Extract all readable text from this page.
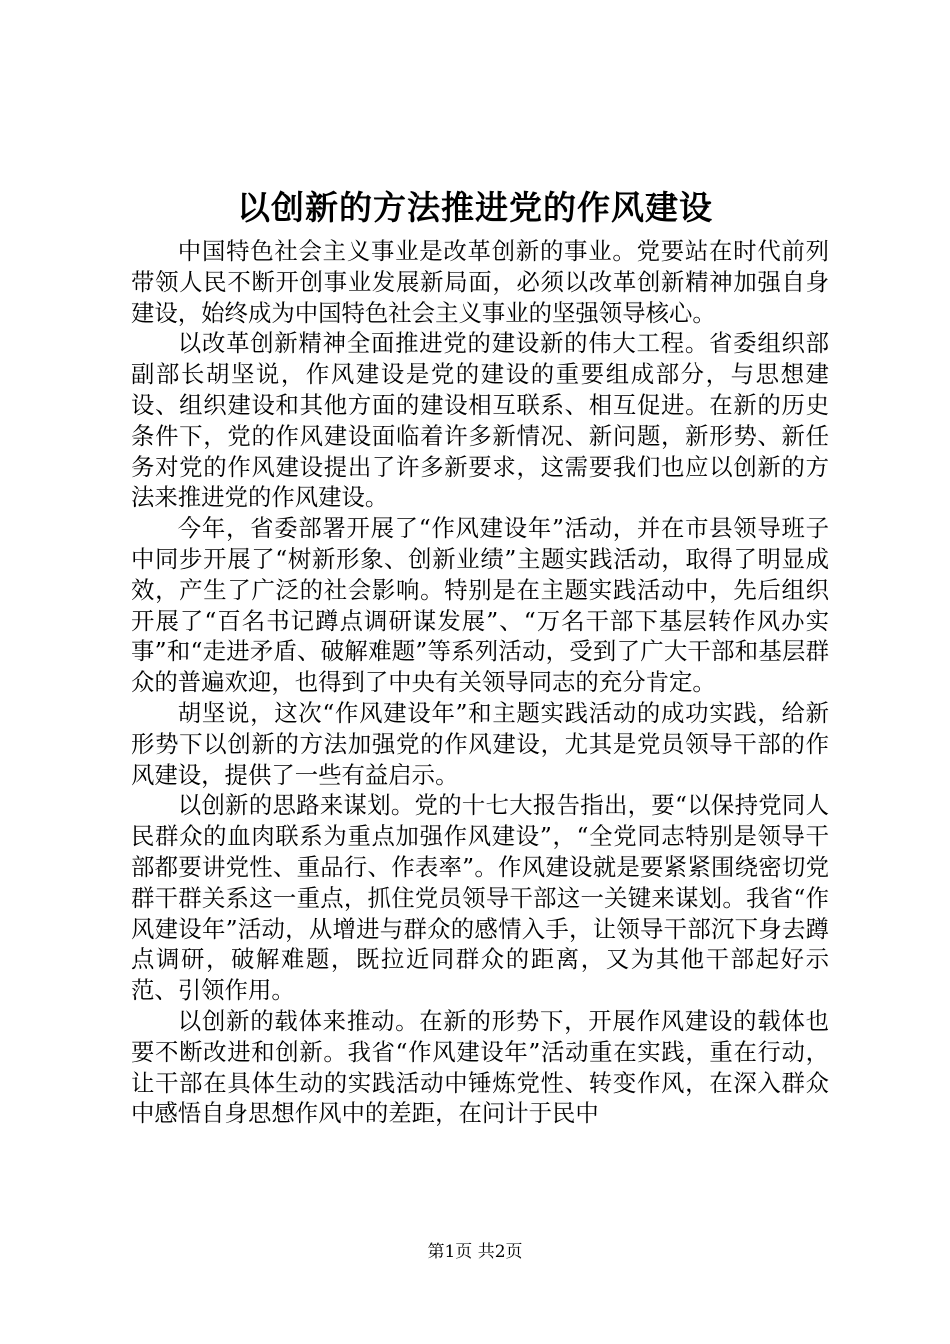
以创新的方法推进党的作风建设

中国特色社会主义事业是改革创新的事业。党要站在时代前列带领人民不断开创事业发展新局面，必须以改革创新精神加强自身建设，始终成为中国特色社会主义事业的坚强领导核心。

以改革创新精神全面推进党的建设新的伟大工程。省委组织部副部长胡坚说，作风建设是党的建设的重要组成部分，与思想建设、组织建设和其他方面的建设相互联系、相互促进。在新的历史条件下，党的作风建设面临着许多新情况、新问题，新形势、新任务对党的作风建设提出了许多新要求，这需要我们也应以创新的方法来推进党的作风建设。

今年，省委部署开展了“作风建设年”活动，并在市县领导班子中同步开展了“树新形象、创新业绩”主题实践活动，取得了明显成效，产生了广泛的社会影响。特别是在主题实践活动中，先后组织开展了“百名书记蹲点调研谋发展”、“万名干部下基层转作风办实事”和“走进矛盾、破解难题”等系列活动，受到了广大干部和基层群众的普遍欢迎，也得到了中央有关领导同志的充分肯定。

胡坚说，这次“作风建设年”和主题实践活动的成功实践，给新形势下以创新的方法加强党的作风建设，尤其是党员领导干部的作风建设，提供了一些有益启示。

以创新的思路来谋划。党的十七大报告指出，要“以保持党同人民群众的血肉联系为重点加强作风建设”，“全党同志特别是领导干部都要讲党性、重品行、作表率”。作风建设就是要紧紧围绕密切党群干群关系这一重点，抓住党员领导干部这一关键来谋划。我省“作风建设年”活动，从增进与群众的感情入手，让领导干部沉下身去蹲点调研，破解难题，既拉近同群众的距离，又为其他干部起好示范、引领作用。

以创新的载体来推动。在新的形势下，开展作风建设的载体也要不断改进和创新。我省“作风建设年”活动重在实践，重在行动，让干部在具体生动的实践活动中锤炼党性、转变作风，在深入群众中感悟自身思想作风中的差距，在问计于民中

第1页 共2页
